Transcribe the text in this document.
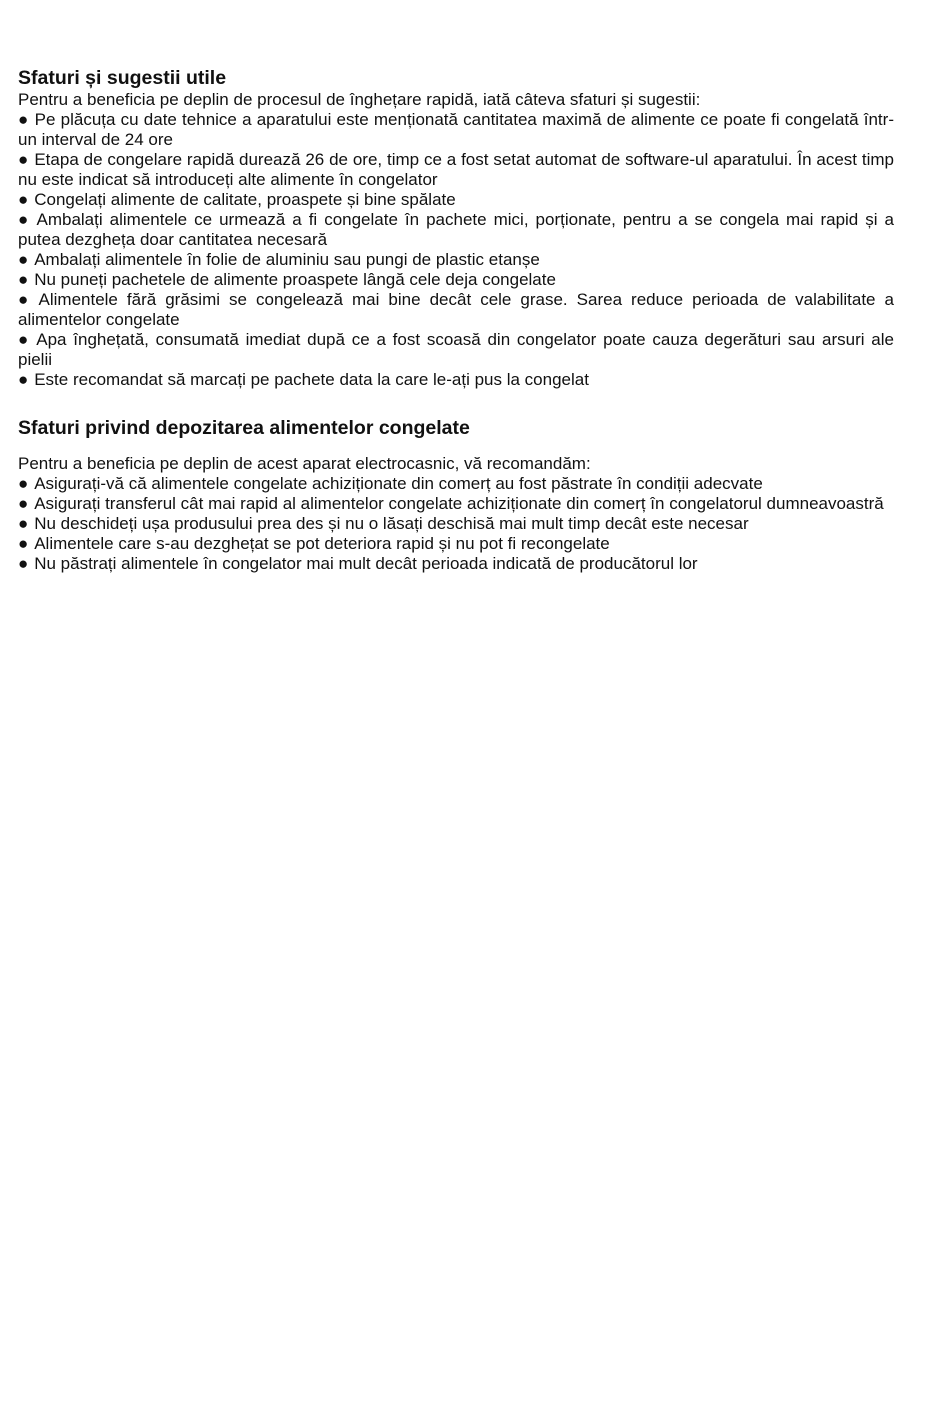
Sfaturi și sugestii utile

Pentru a beneficia pe deplin de procesul de înghețare rapidă, iată câteva sfaturi și sugestii:

● Pe plăcuța cu date tehnice a aparatului este menționată cantitatea maximă de alimente ce poate fi congelată într-un interval de 24 ore

● Etapa de congelare rapidă durează 26 de ore, timp ce a fost setat automat de software-ul aparatului. În acest timp nu este indicat să introduceți alte alimente în congelator

● Congelați alimente de calitate, proaspete și bine spălate

● Ambalați alimentele ce urmează a fi congelate în pachete mici, porționate, pentru a se congela mai rapid și a putea dezgheța doar cantitatea necesară

● Ambalați alimentele în folie de aluminiu sau pungi de plastic etanșe

● Nu puneți pachetele de alimente proaspete lângă cele deja congelate

● Alimentele fără grăsimi se congelează mai bine decât cele grase. Sarea reduce perioada de valabilitate a alimentelor congelate

● Apa înghețată, consumată imediat după ce a fost scoasă din congelator poate cauza degerături sau arsuri ale pielii

● Este recomandat să marcați pe pachete data la care le-ați pus la congelat

Sfaturi privind depozitarea alimentelor congelate

Pentru a beneficia pe deplin de acest aparat electrocasnic, vă recomandăm:

● Asigurați-vă că alimentele congelate achiziționate din comerț au fost păstrate în condiții adecvate

● Asigurați transferul cât mai rapid al alimentelor congelate achiziționate din comerț în congelatorul dumneavoastră

● Nu deschideți ușa produsului prea des și nu o lăsați deschisă mai mult timp decât este necesar

● Alimentele care s-au dezghețat se pot deteriora rapid și nu pot fi recongelate

● Nu păstrați alimentele în congelator mai mult decât perioada indicată de producătorul lor
